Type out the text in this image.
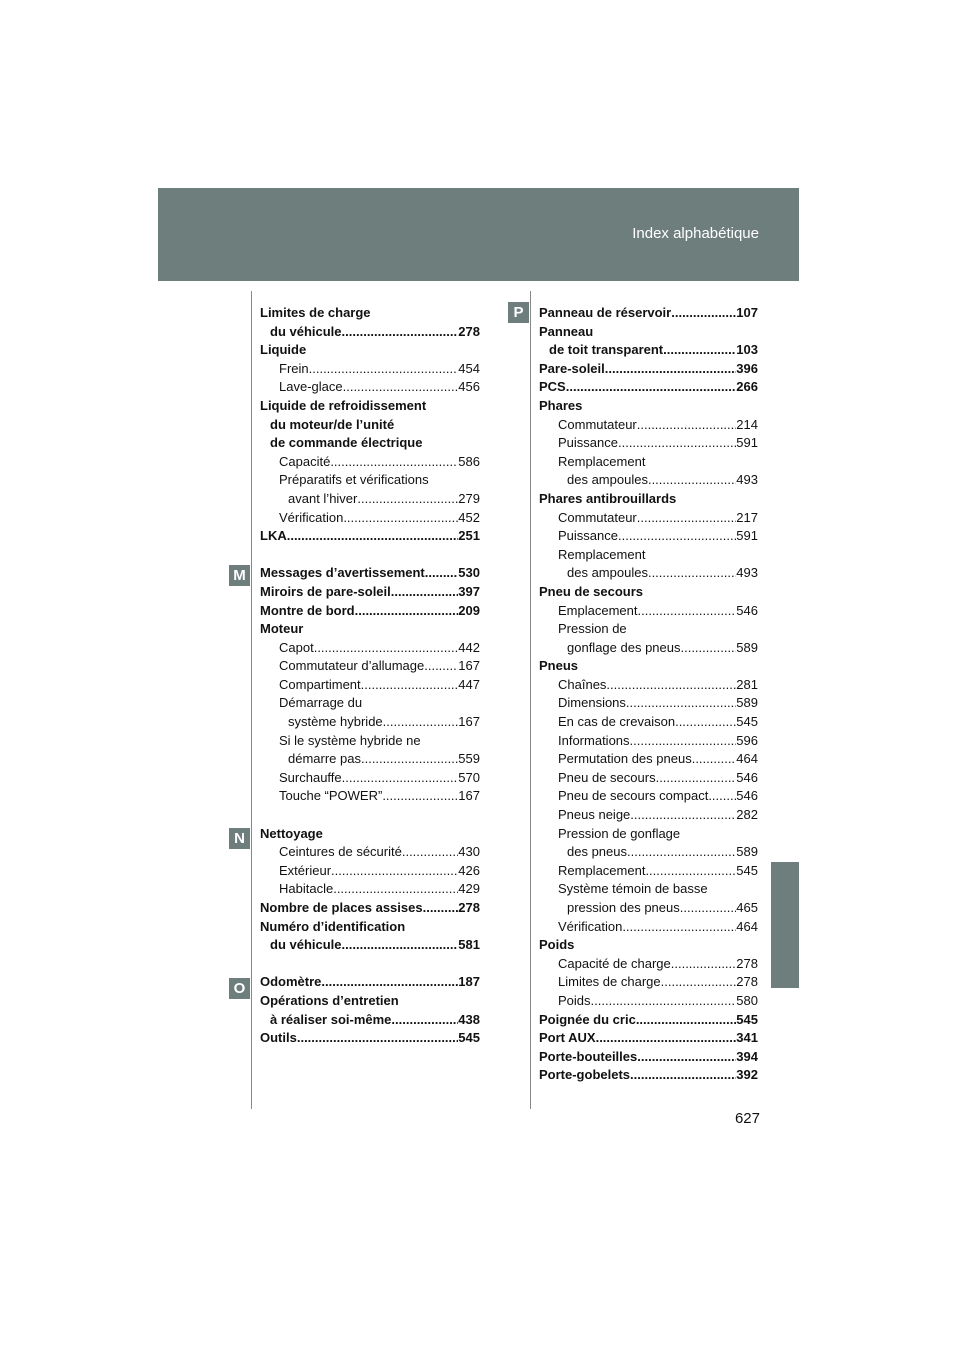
Index alphabétique
M
N
O
P
Limites de charge
du véhicule .....	278
Liquide
Frein .....	454
Lave-glace .....	456
Liquide de refroidissement
du moteur/de l’unité
de commande électrique
Capacité .....	586
Préparatifs et vérifications
avant l’hiver .....	279
Vérification .....	452
LKA .....	251
Messages d’avertissement .....	530
Miroirs de pare-soleil .....	397
Montre de bord .....	209
Moteur
Capot .....	442
Commutateur d’allumage .....	167
Compartiment .....	447
Démarrage du
système hybride .....	167
Si le système hybride ne
démarre pas .....	559
Surchauffe .....	570
Touche “POWER” .....	167
Nettoyage
Ceintures de sécurité .....	430
Extérieur .....	426
Habitacle .....	429
Nombre de places assises .....	278
Numéro d’identification
du véhicule .....	581
Odomètre .....	187
Opérations d’entretien
à réaliser soi-même .....	438
Outils .....	545
Panneau de réservoir .....	107
Panneau
de toit transparent .....	103
Pare-soleil .....	396
PCS .....	266
Phares
Commutateur .....	214
Puissance .....	591
Remplacement
des ampoules .....	493
Phares antibrouillards
Commutateur .....	217
Puissance .....	591
Remplacement
des ampoules .....	493
Pneu de secours
Emplacement .....	546
Pression de
gonflage des pneus .....	589
Pneus
Chaînes .....	281
Dimensions .....	589
En cas de crevaison .....	545
Informations .....	596
Permutation des pneus .....	464
Pneu de secours .....	546
Pneu de secours compact ..... 546
Pneus neige .....	282
Pression de gonflage
des pneus .....	589
Remplacement .....	545
Système témoin de basse
pression des pneus .....	465
Vérification .....	464
Poids
Capacité de charge .....	278
Limites de charge .....	278
Poids .....	580
Poignée du cric .....	545
Port AUX .....	341
Porte-bouteilles .....	394
Porte-gobelets .....	392
627
